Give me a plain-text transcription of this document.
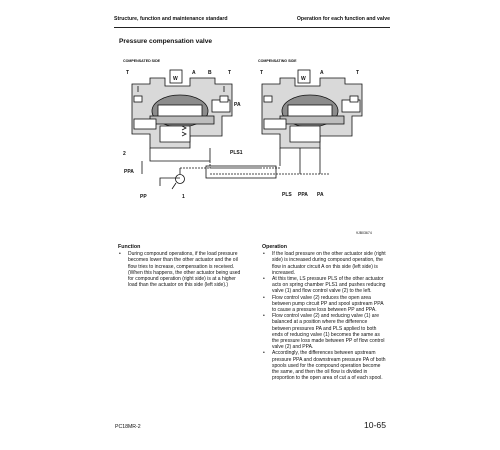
Structure, function and maintenance standard	Operation for each function and valve
Pressure compensation valve
COMPENSATED SIDE	COMPENSATING SIDE
T
W
A B	T
PA
PLS1
2
PPA
PP	1
T
W
A	T
PLS PPA PA
9JB03674
Function
• During compound operations, if the load pressure becomes lower than the other actuator and the oil flow tries to increase, compensation is received.

(When this happens, the other actuator being used for compound operation (right side) is at a higher load than the actuator on this side (left side).)

Operation
• If the load pressure on the other actuator side (right side) is increased during compound operation, the flow in actuator circuit A on this side (left side) is increased.
• At this time, LS pressure PLS of the other actuator acts on spring chamber PLS1 and pushes reducing valve (1) and flow control valve (2) to the left.
• Flow control valve (2) reduces the open area between pump circuit PP and spool upstream PPA to cause a pressure loss between PP and PPA.
• Flow control valve (2) and reducing valve (1) are balanced at a position where the difference between pressures PA and PLS applied to both ends of reducing valve (1) becomes the same as the pressure loss made between PP of flow control valve (2) and PPA.
• Accordingly, the differences between upstream pressure PPA and downstream pressure PA of both spools used for the compound operation become the same, and then the oil flow is divided in proportion to the open area of cut a of each spool.
PC18MR-2	10-65
